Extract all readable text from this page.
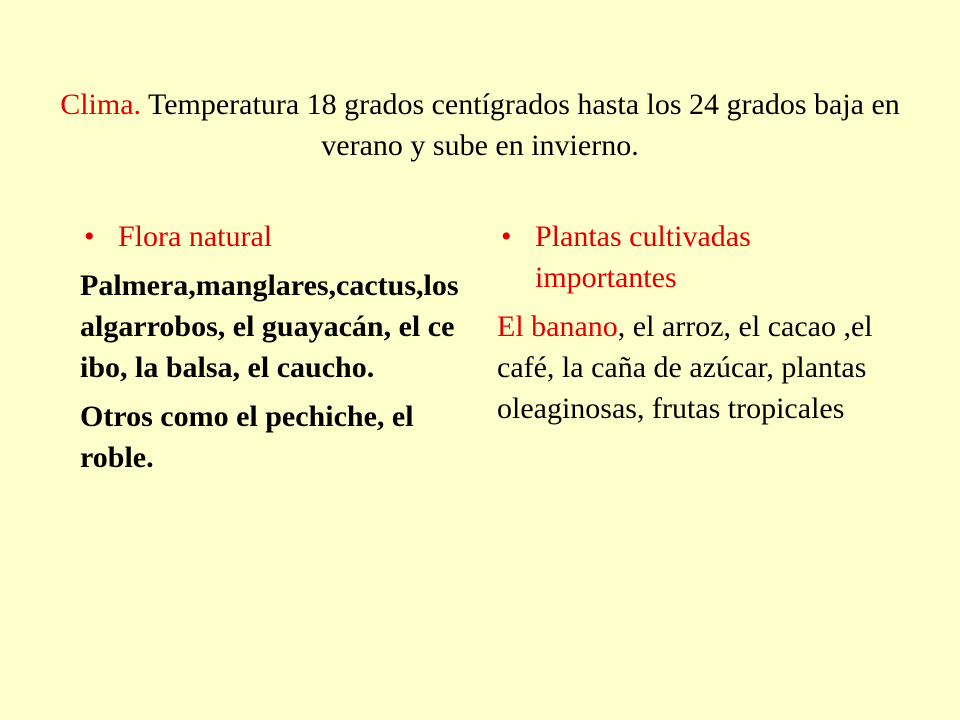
Clima. Temperatura 18 grados centígrados hasta los 24 grados baja en verano y sube en invierno.
• Flora natural

Palmera,manglares,cactus,los algarrobos, el guayacán, el ceibo, la balsa, el caucho.

Otros como el pechiche, el roble.

• Plantas cultivadas importantes

El banano, el arroz, el cacao ,el café, la caña de azúcar, plantas oleaginosas, frutas tropicales
